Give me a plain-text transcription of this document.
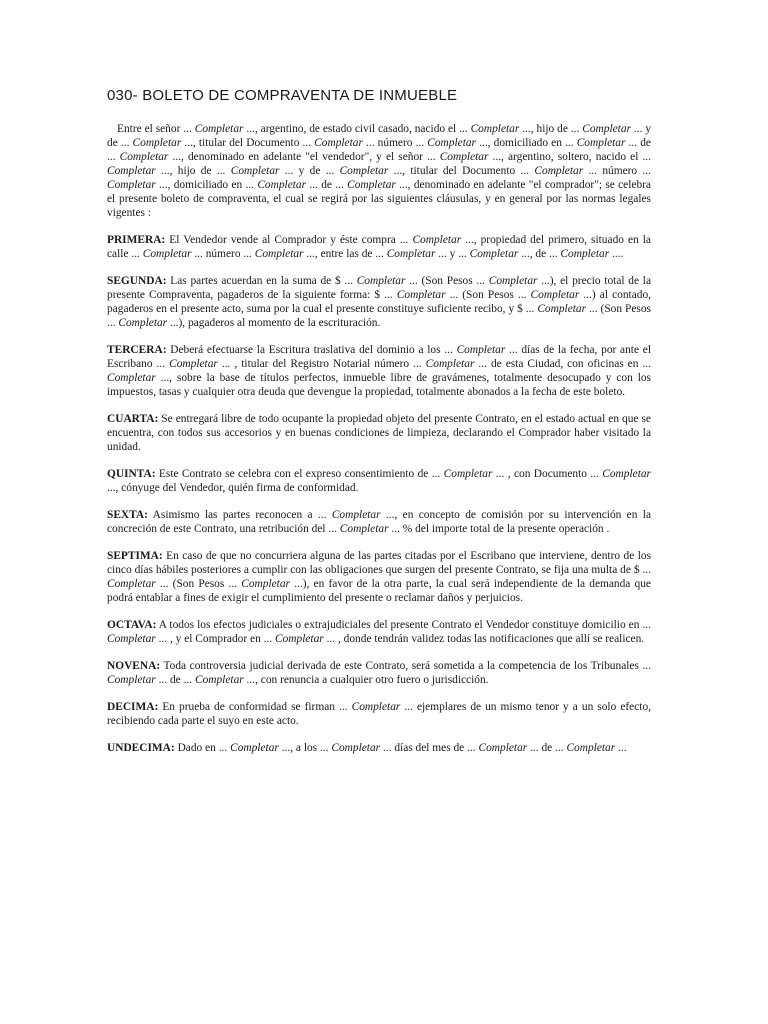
030- BOLETO DE COMPRAVENTA DE INMUEBLE

Entre el señor ... Completar ..., argentino, de estado civil casado, nacido el ... Completar ..., hijo de ... Completar ... y de ... Completar ..., titular del Documento ... Completar ... número ... Completar ..., domiciliado en ... Completar ... de ... Completar ..., denominado en adelante "el vendedor", y el señor ... Completar ..., argentino, soltero, nacido el ... Completar ..., hijo de ... Completar ... y de ... Completar ..., titular del Documento ... Completar ... número ... Completar ..., domiciliado en ... Completar ... de ... Completar ..., denominado en adelante "el comprador"; se celebra el presente boleto de compraventa, el cual se regirá por las siguientes cláusulas, y en general por las normas legales vigentes :

PRIMERA: El Vendedor vende al Comprador y éste compra ... Completar ..., propiedad del primero, situado en la calle ... Completar ... número ... Completar ..., entre las de ... Completar ... y ... Completar ..., de ... Completar ....

SEGUNDA: Las partes acuerdan en la suma de $ ... Completar ... (Son Pesos ... Completar ...), el precio total de la presente Compraventa, pagaderos de la siguiente forma: $ ... Completar ... (Son Pesos ... Completar ...) al contado, pagaderos en el presente acto, suma por la cual el presente constituye suficiente recibo, y $ ... Completar ... (Son Pesos ... Completar ...), pagaderos al momento de la escrituración.

TERCERA: Deberá efectuarse la Escritura traslativa del dominio a los ... Completar ... días de la fecha, por ante el Escribano ... Completar ... , titular del Registro Notarial número ... Completar ... de esta Ciudad, con oficinas en ... Completar ..., sobre la base de títulos perfectos, inmueble libre de gravámenes, totalmente desocupado y con los impuestos, tasas y cualquier otra deuda que devengue la propiedad, totalmente abonados a la fecha de este boleto.

CUARTA: Se entregará libre de todo ocupante la propiedad objeto del presente Contrato, en el estado actual en que se encuentra, con todos sus accesorios y en buenas condiciones de limpieza, declarando el Comprador haber visitado la unidad.

QUINTA: Este Contrato se celebra con el expreso consentimiento de ... Completar ... , con Documento ... Completar ..., cónyuge del Vendedor, quién firma de conformidad.

SEXTA: Asimismo las partes reconocen a ... Completar ..., en concepto de comisión por su intervención en la concreción de este Contrato, una retribución del ... Completar ... % del importe total de la presente operación .

SEPTIMA: En caso de que no concurriera alguna de las partes citadas por el Escribano que interviene, dentro de los cinco días hábiles posteriores a cumplir con las obligaciones que surgen del presente Contrato, se fija una multa de $ ... Completar ... (Son Pesos ... Completar ...), en favor de la otra parte, la cual será independiente de la demanda que podrá entablar a fines de exigir el cumplimiento del presente o reclamar daños y perjuicios.

OCTAVA: A todos los efectos judiciales o extrajudiciales del presente Contrato el Vendedor constituye domicilio en ... Completar ... , y el Comprador en ... Completar ... , donde tendrán validez todas las notificaciones que allí se realicen.

NOVENA: Toda controversia judicial derivada de este Contrato, será sometida a la competencia de los Tribunales ... Completar ... de ... Completar ..., con renuncia a cualquier otro fuero o jurisdicción.

DECIMA: En prueba de conformidad se firman ... Completar ... ejemplares de un mismo tenor y a un solo efecto, recibiendo cada parte el suyo en este acto.

UNDECIMA: Dado en ... Completar ..., a los ... Completar ... días del mes de ... Completar ... de ... Completar ...
